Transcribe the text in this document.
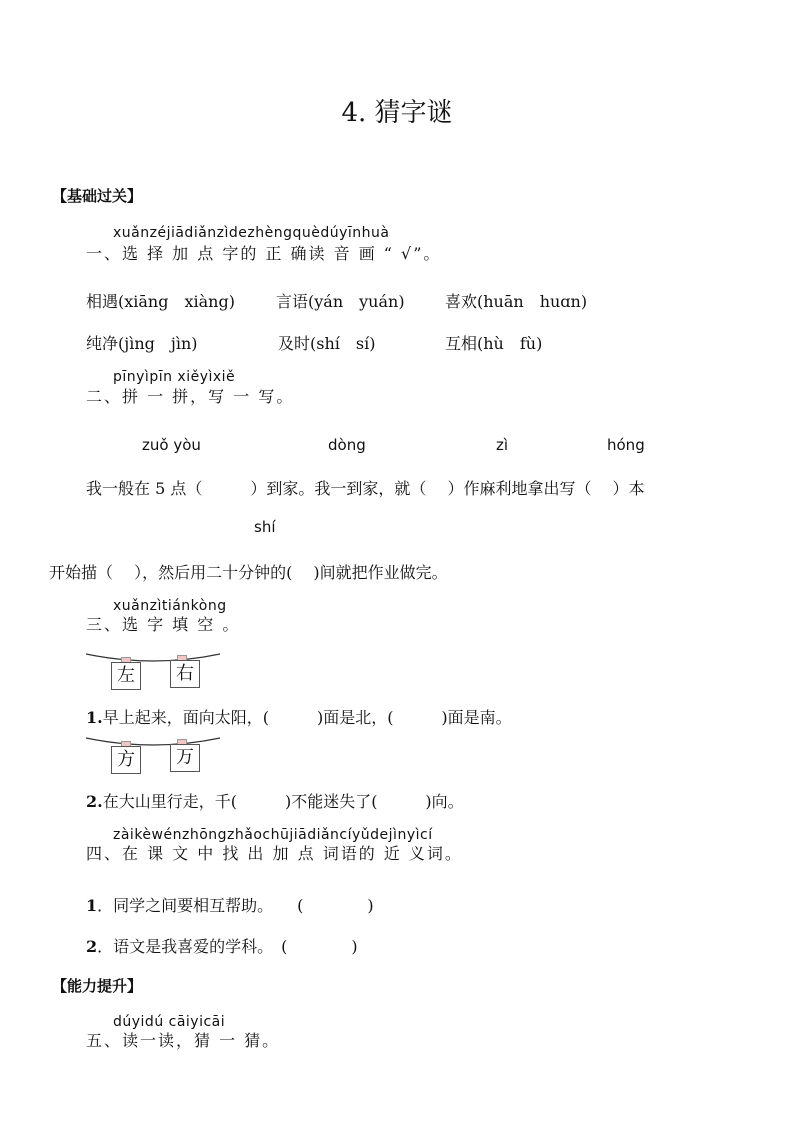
4. 猜字谜
【基础过关】
xuǎnzéjiādiǎnzìdezhèngquèdúyīnhuà
一、选 择 加 点 字的 正 确读 音 画 “ √”。
相遇(xiāng　xiàng)	言语(yán　yuán)	喜欢(huān　huɑn)
纯净(jìng　jìn)	及时(shí　sí)	互相(hù　fù)
pīnyìpīn xiěyìxiě
二、拼 一 拼，写 一 写。
zuǒ yòu	dòng	zì	hóng
我一般在 5 点（　　　）到家。我一到家，就（　 ）作麻利地拿出写（　 ）本
shí
开始描（　 ），然后用二十分钟的(　 )间就把作业做完。
xuǎnzìtiánkòng
三、选 字 填 空 。
左	右
1.早上起来，面向太阳，(　　　)面是北，(　　　)面是南。
方	万
2.在大山里行走，千(　　　)不能迷失了(　　　)向。
zàikèwénzhōngzhǎochūjiādiǎncíyǔdejìnyìcí
四、在 课 文 中 找 出 加 点 词语的 近 义词。
1．同学之间要相互帮助。　　(　　　　)
2．语文是我喜爱的学科。　(　　　　)
【能力提升】
dúyidú cāiyicāi
五、读一读，猜 一 猜。
